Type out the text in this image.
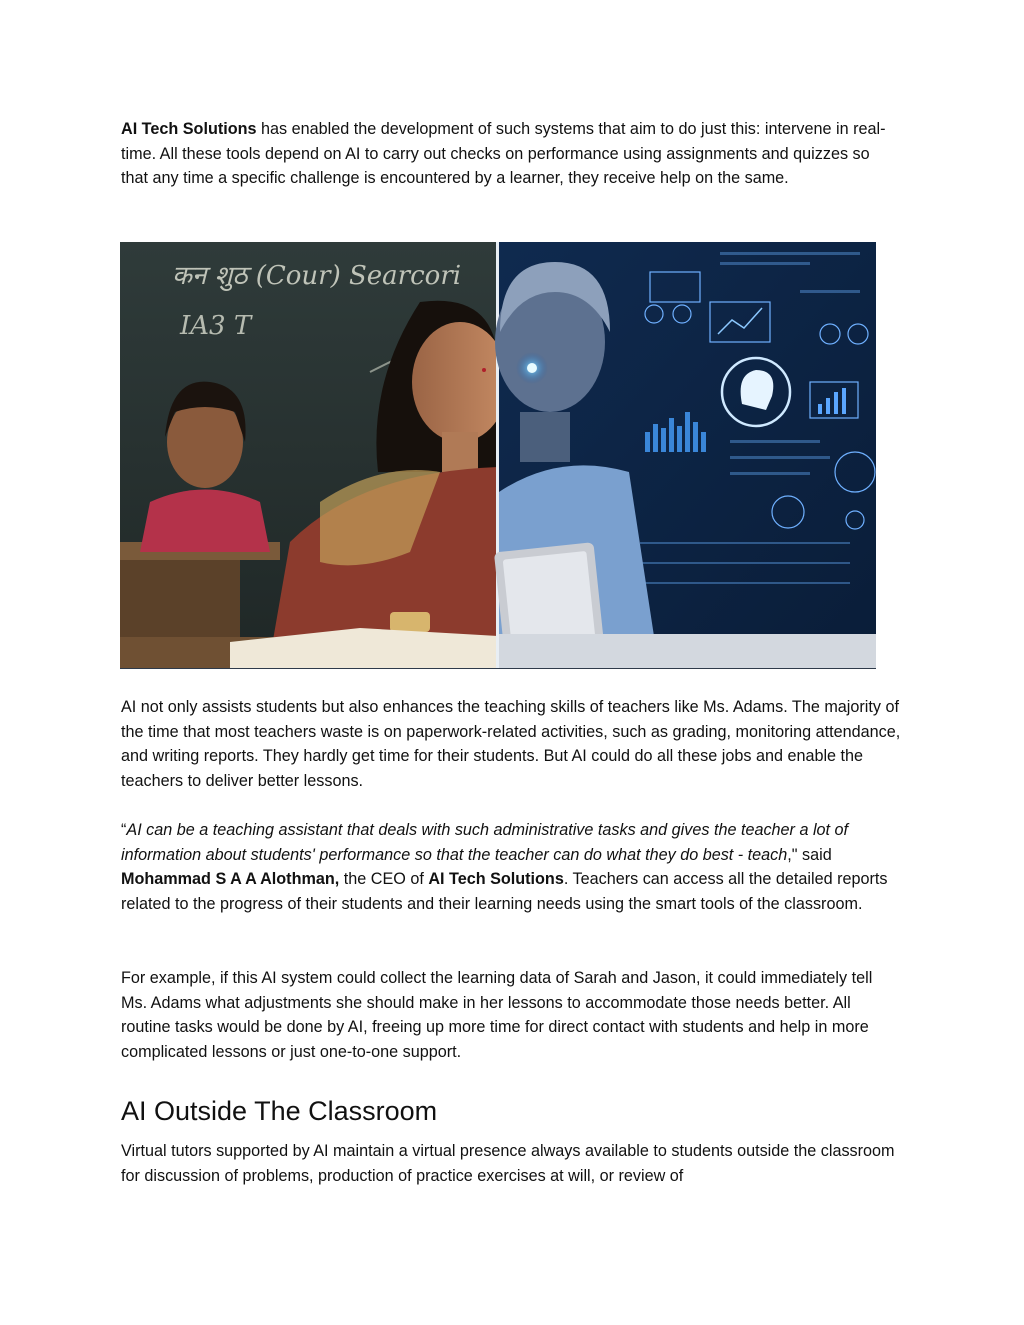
AI Tech Solutions has enabled the development of such systems that aim to do just this: intervene in real-time. All these tools depend on AI to carry out checks on performance using assignments and quizzes so that any time a specific challenge is encountered by a learner, they receive help on the same.

AI not only assists students but also enhances the teaching skills of teachers like Ms. Adams. The majority of the time that most teachers waste is on paperwork-related activities, such as grading, monitoring attendance, and writing reports. They hardly get time for their students. But AI could do all these jobs and enable the teachers to deliver better lessons.

“AI can be a teaching assistant that deals with such administrative tasks and gives the teacher a lot of information about students' performance so that the teacher can do what they do best - teach," said Mohammad S A A Alothman, the CEO of AI Tech Solutions. Teachers can access all the detailed reports related to the progress of their students and their learning needs using the smart tools of the classroom.

For example, if this AI system could collect the learning data of Sarah and Jason, it could immediately tell Ms. Adams what adjustments she should make in her lessons to accommodate those needs better. All routine tasks would be done by AI, freeing up more time for direct contact with students and help in more complicated lessons or just one-to-one support.

AI Outside The Classroom

Virtual tutors supported by AI maintain a virtual presence always available to students outside the classroom for discussion of problems, production of practice exercises at will, or review of

कन शुठ (Cour) Searcori
IA3 T
